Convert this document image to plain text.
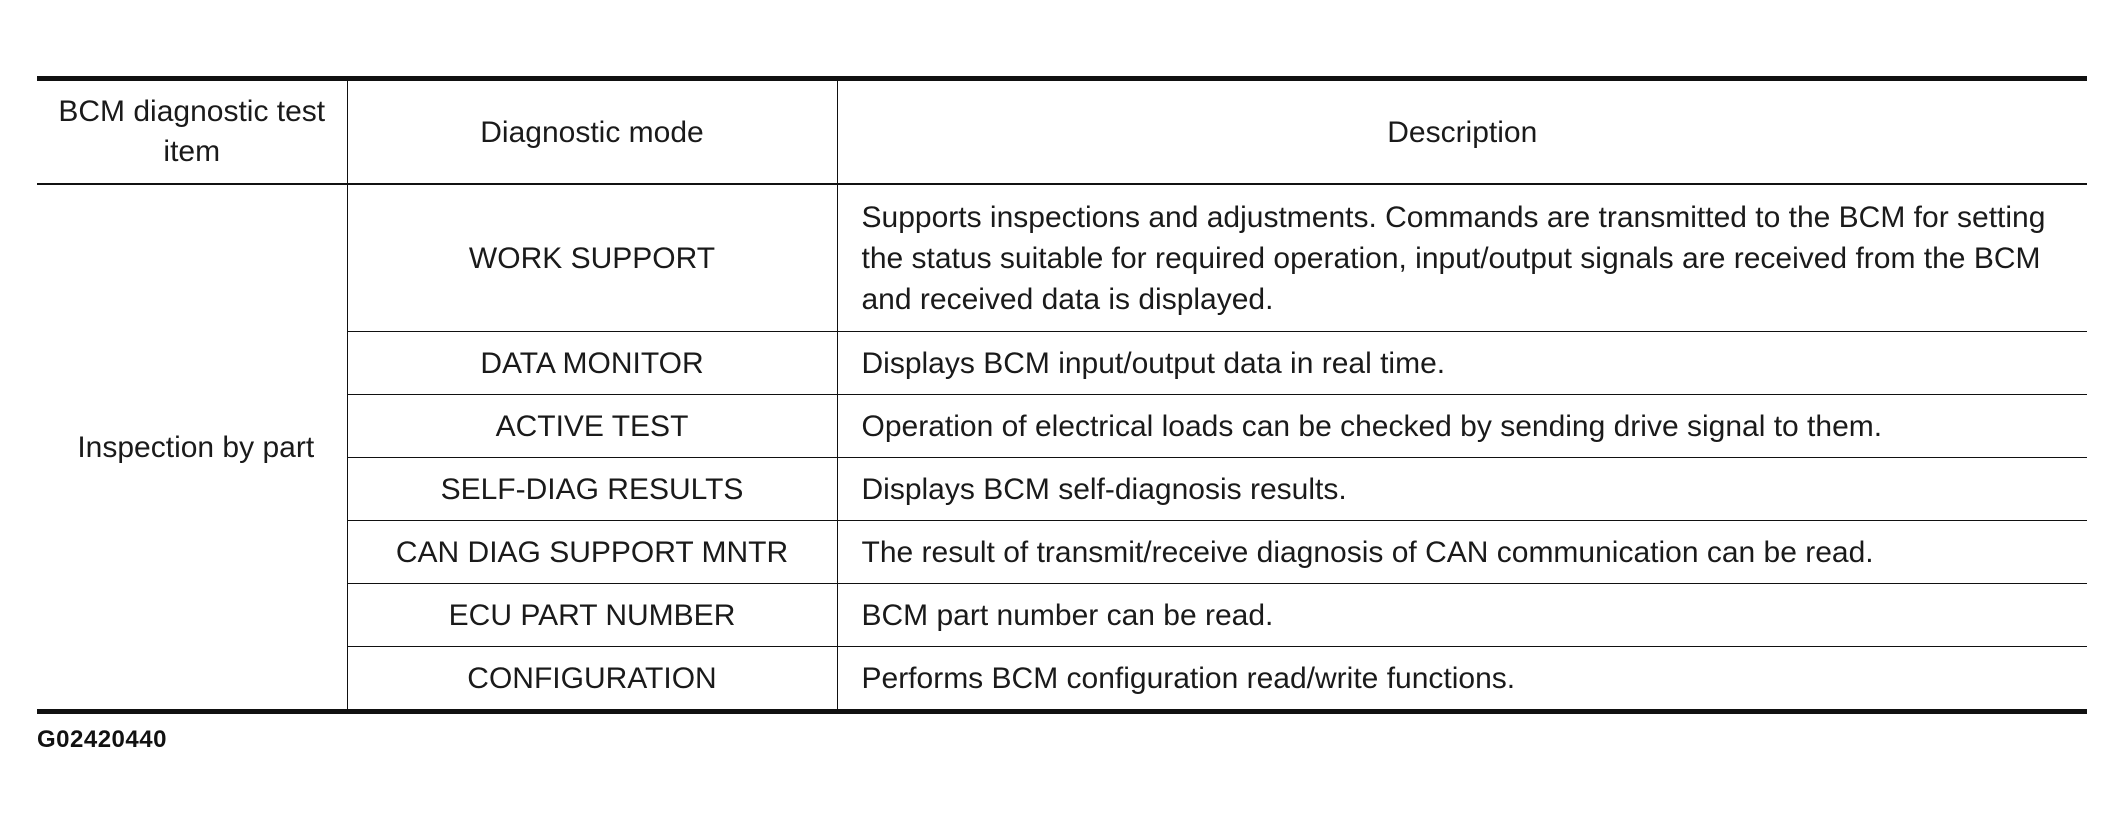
BCM diagnostic test item	Diagnostic mode	Description
Inspection by part	WORK SUPPORT	Supports inspections and adjustments. Commands are transmitted to the BCM for setting the status suitable for required operation, input/output signals are received from the BCM and received data is displayed.
	DATA MONITOR	Displays BCM input/output data in real time.
	ACTIVE TEST	Operation of electrical loads can be checked by sending drive signal to them.
	SELF-DIAG RESULTS	Displays BCM self-diagnosis results.
	CAN DIAG SUPPORT MNTR	The result of transmit/receive diagnosis of CAN communication can be read.
	ECU PART NUMBER	BCM part number can be read.
	CONFIGURATION	Performs BCM configuration read/write functions.
G02420440
